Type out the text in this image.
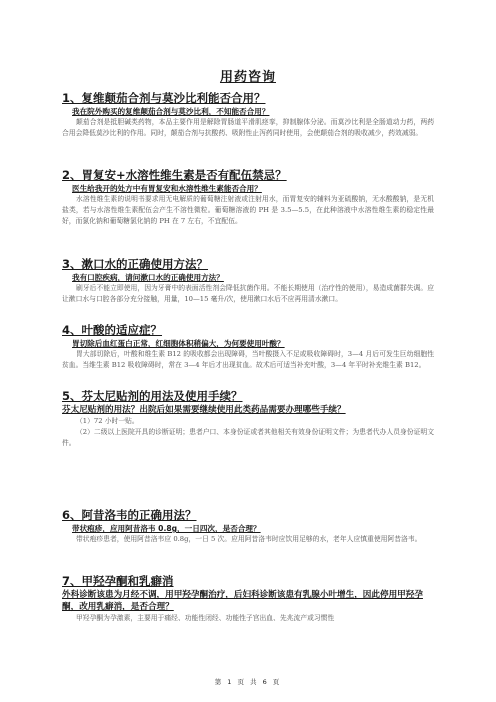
用药咨询
1、复维颠茄合剂与莫沙比利能否合用？
我在院外购买的复维颠茄合剂与莫沙比利，不知能否合用？
颠茄合剂是抵胆碱类药物，本品主要作用是解除胃肠道平滑肌痉挛，抑制腺体分泌。而莫沙比利是全肠道动力药，两药合用会降低莫沙比利的作用。同时，颠茄合剂与抗酸药、吸附性止泻药同时使用，会使颠茄合剂的吸收减少，药效减弱。
2、胃复安+水溶性维生素是否有配伍禁忌？
医生给我开的处方中有胃复安和水溶性维生素能否合用？
水溶性维生素的说明书要求用无电解质的葡萄糖注射液或注射用水，而胃复安的辅料为亚硫酸钠，无水酸酸钠，是无机盐类，若与水溶性维生素配伍会产生不溶性微粒。葡萄糖溶液的 PH 是 3.5—5.5，在此种溶液中水溶性维生素的稳定性最好，而氯化钠和葡萄糖氯化钠的 PH 在 7 左右，不宜配伍。
3、漱口水的正确使用方法？
我有口腔疾病，请问漱口水的正确使用方法？
刷牙后不能立即使用，因为牙膏中的表面活性剂会降低抗菌作用。不能长期使用（治疗性的使用），易造成菌群失调。应让漱口水与口腔各部分充分接触，用量，10—15 毫升/次，使用漱口水后不应再用清水漱口。
4、叶酸的适应症？
胃切除后血红蛋白正常，红细胞体积稍偏大，为何要使用叶酸？
胃大部切除后，叶酸和维生素 B12 的吸收都会出现障碍，当叶酸摄入不足或吸收障碍时，3—4 月后可发生巨幼细胞性贫血。当维生素 B12 吸收障碍时，常在 3—4 年后才出现贫血。故术后可适当补充叶酸，3—4 年平时补充维生素 B12。
5、芬太尼贴剂的用法及使用手续？
芬太尼贴剂的用法？出院后如果需要继续使用此类药品需要办理哪些手续？
（1）72 小时一贴。
（2）二级以上医院开具的诊断证明；患者户口、本身份证或者其他相关有效身份证明文件；为患者代办人员身份证明文件。
6、阿昔洛韦的正确用法？
带状疱疹，应用阿昔洛韦 0.8g，一日四次，是否合理？
带状疱疹患者，使用阿昔洛韦应 0.8g，一日 5 次。应用阿昔洛韦时应饮用足够的水，老年人应慎重使用阿昔洛韦。
7、甲羟孕酮和乳癖消
外科诊断该患为月经不调，用甲羟孕酮治疗，后妇科诊断该患有乳腺小叶增生，因此停用甲羟孕酮，改用乳癖消，是否合理？
甲羟孕酮为孕激素，主要用于痛经、功能性闭经、功能性子宫出血、先兆流产或习惯性
第 1 页 共 6 页
